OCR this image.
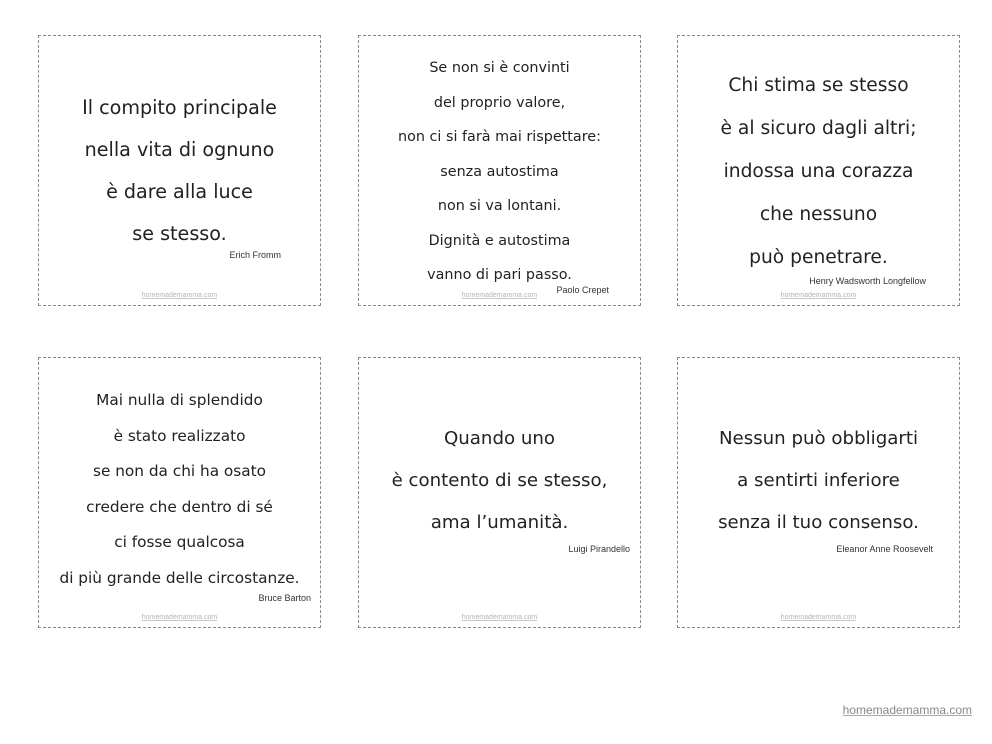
Il compito principale
nella vita di ognuno
è dare alla luce
se stesso.
Erich Fromm
homemademamma.com
Se non si è convinti
del proprio valore,
non ci si farà mai rispettare:
senza autostima
non si va lontani.
Dignità e autostima
vanno di pari passo.
Paolo Crepet
homemademamma.com
Chi stima se stesso
è al sicuro dagli altri;
indossa una corazza
che nessuno
può penetrare.
Henry Wadsworth Longfellow
homemademamma.com
Mai nulla di splendido
è stato realizzato
se non da chi ha osato
credere che dentro di sé
ci fosse qualcosa
di più grande delle circostanze.
Bruce Barton
homemademamma.com
Quando uno
è contento di se stesso,
ama l’umanità.
Luigi Pirandello
homemademamma.com
Nessun può obbligarti
a sentirti inferiore
senza il tuo consenso.
Eleanor Anne Roosevelt
homemademamma.com
homemademamma.com
